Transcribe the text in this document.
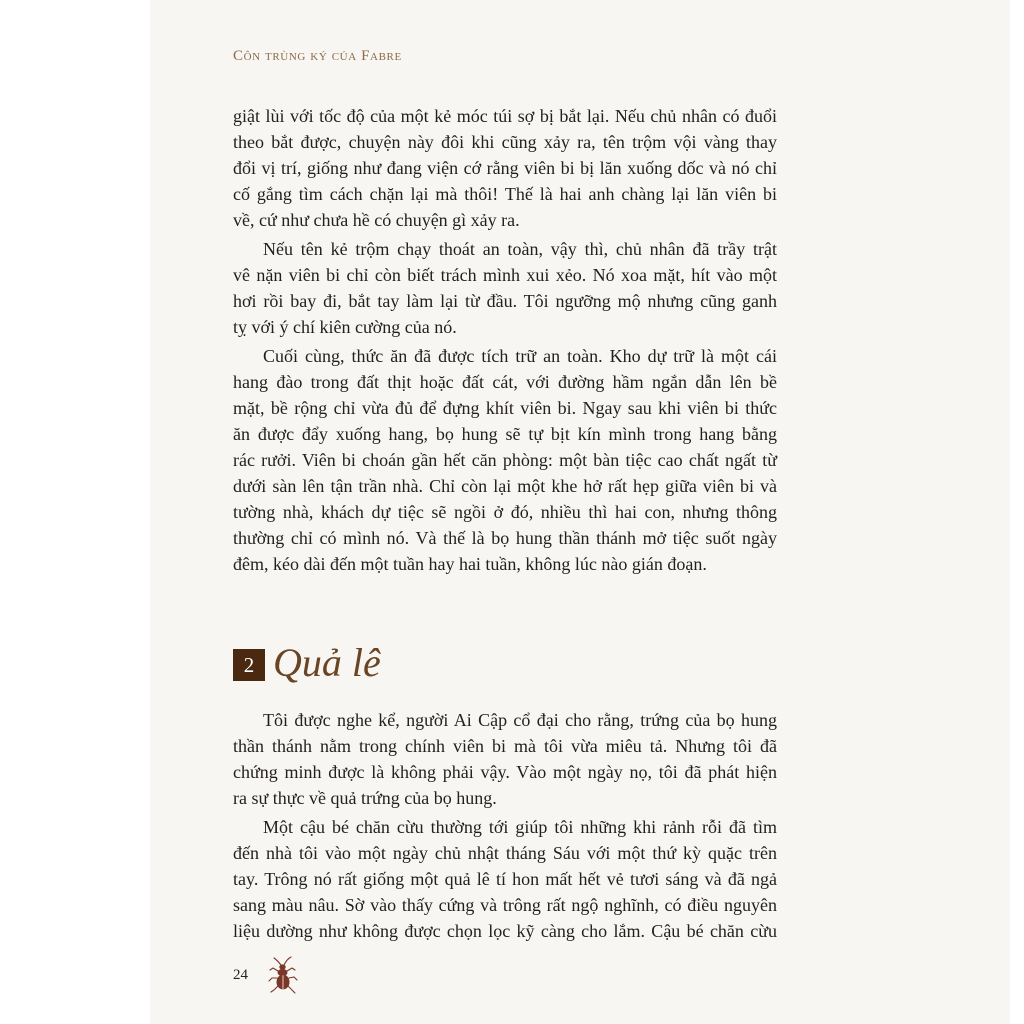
Côn trùng ký của Fabre
giật lùi với tốc độ của một kẻ móc túi sợ bị bắt lại. Nếu chủ nhân có đuổi
theo bắt được, chuyện này đôi khi cũng xảy ra, tên trộm vội vàng thay
đổi vị trí, giống như đang viện cớ rằng viên bi bị lăn xuống dốc và nó chỉ
cố gắng tìm cách chặn lại mà thôi! Thế là hai anh chàng lại lăn viên bi
về, cứ như chưa hề có chuyện gì xảy ra.
Nếu tên kẻ trộm chạy thoát an toàn, vậy thì, chủ nhân đã trầy trật
vê nặn viên bi chỉ còn biết trách mình xui xẻo. Nó xoa mặt, hít vào một
hơi rồi bay đi, bắt tay làm lại từ đầu. Tôi ngưỡng mộ nhưng cũng ganh
tỵ với ý chí kiên cường của nó.
Cuối cùng, thức ăn đã được tích trữ an toàn. Kho dự trữ là một cái
hang đào trong đất thịt hoặc đất cát, với đường hầm ngắn dẫn lên bề
mặt, bề rộng chỉ vừa đủ để đựng khít viên bi. Ngay sau khi viên bi thức
ăn được đẩy xuống hang, bọ hung sẽ tự bịt kín mình trong hang bằng
rác rưởi. Viên bi choán gần hết căn phòng: một bàn tiệc cao chất ngất từ
dưới sàn lên tận trần nhà. Chỉ còn lại một khe hở rất hẹp giữa viên bi và
tường nhà, khách dự tiệc sẽ ngồi ở đó, nhiều thì hai con, nhưng thông
thường chỉ có mình nó. Và thế là bọ hung thần thánh mở tiệc suốt ngày
đêm, kéo dài đến một tuần hay hai tuần, không lúc nào gián đoạn.
2 Quả lê
Tôi được nghe kể, người Ai Cập cổ đại cho rằng, trứng của bọ hung
thần thánh nằm trong chính viên bi mà tôi vừa miêu tả. Nhưng tôi đã
chứng minh được là không phải vậy. Vào một ngày nọ, tôi đã phát hiện
ra sự thực về quả trứng của bọ hung.
Một cậu bé chăn cừu thường tới giúp tôi những khi rảnh rỗi đã tìm
đến nhà tôi vào một ngày chủ nhật tháng Sáu với một thứ kỳ quặc trên
tay. Trông nó rất giống một quả lê tí hon mất hết vẻ tươi sáng và đã ngả
sang màu nâu. Sờ vào thấy cứng và trông rất ngộ nghĩnh, có điều nguyên
liệu dường như không được chọn lọc kỹ càng cho lắm. Cậu bé chăn cừu
24
